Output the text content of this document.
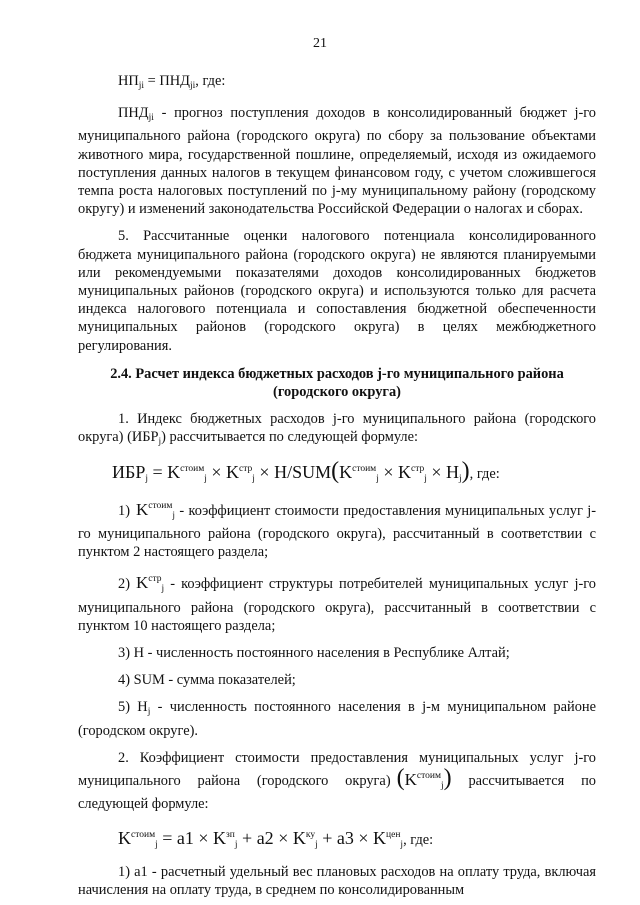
21

$НП_{ji} = ПНД_{ji}$, где:

$ПНД_{ji}$ - прогноз поступления доходов в консолидированный бюджет j-го муниципального района (городского округа) по сбору за пользование объектами животного мира, государственной пошлине, определяемый, исходя из ожидаемого поступления данных налогов в текущем финансовом году, с учетом сложившегося темпа роста налоговых поступлений по j-му муниципальному району (городскому округу) и изменений законодательства Российской Федерации о налогах и сборах.

5. Рассчитанные оценки налогового потенциала консолидированного бюджета муниципального района (городского округа) не являются планируемыми или рекомендуемыми показателями доходов консолидированных бюджетов муниципальных районов (городского округа) и используются только для расчета индекса налогового потенциала и сопоставления бюджетной обеспеченности муниципальных районов (городского округа) в целях межбюджетного регулирования.

2.4. Расчет индекса бюджетных расходов j-го муниципального района (городского округа)

1. Индекс бюджетных расходов j-го муниципального района (городского округа) $(ИБР_j)$ рассчитывается по следующей формуле:

$ИБР_j = K^{стоим}_j \times K^{стр}_j \times H/SUM(K^{стоим}_j \times K^{стр}_j \times H_j)$, где:

1) $K^{стоим}_j$ - коэффициент стоимости предоставления муниципальных услуг j-го муниципального района (городского округа), рассчитанный в соответствии с пунктом 2 настоящего раздела;

2) $K^{стр}_j$ - коэффициент структуры потребителей муниципальных услуг j-го муниципального района (городского округа), рассчитанный в соответствии с пунктом 10 настоящего раздела;

3) Н - численность постоянного населения в Республике Алтай;

4) SUM - сумма показателей;

5) $Н_j$ - численность постоянного населения в j-м муниципальном районе (городском округе).

2. Коэффициент стоимости предоставления муниципальных услуг j-го муниципального района (городского округа) $(K^{стоим}_j)$ рассчитывается по следующей формуле:

$K^{стоим}_j = a1 \times K^{зп}_j + a2 \times K^{ку}_j + a3 \times K^{цен}_j$, где:

1) а1 - расчетный удельный вес плановых расходов на оплату труда, включая начисления на оплату труда, в среднем по консолидированным
